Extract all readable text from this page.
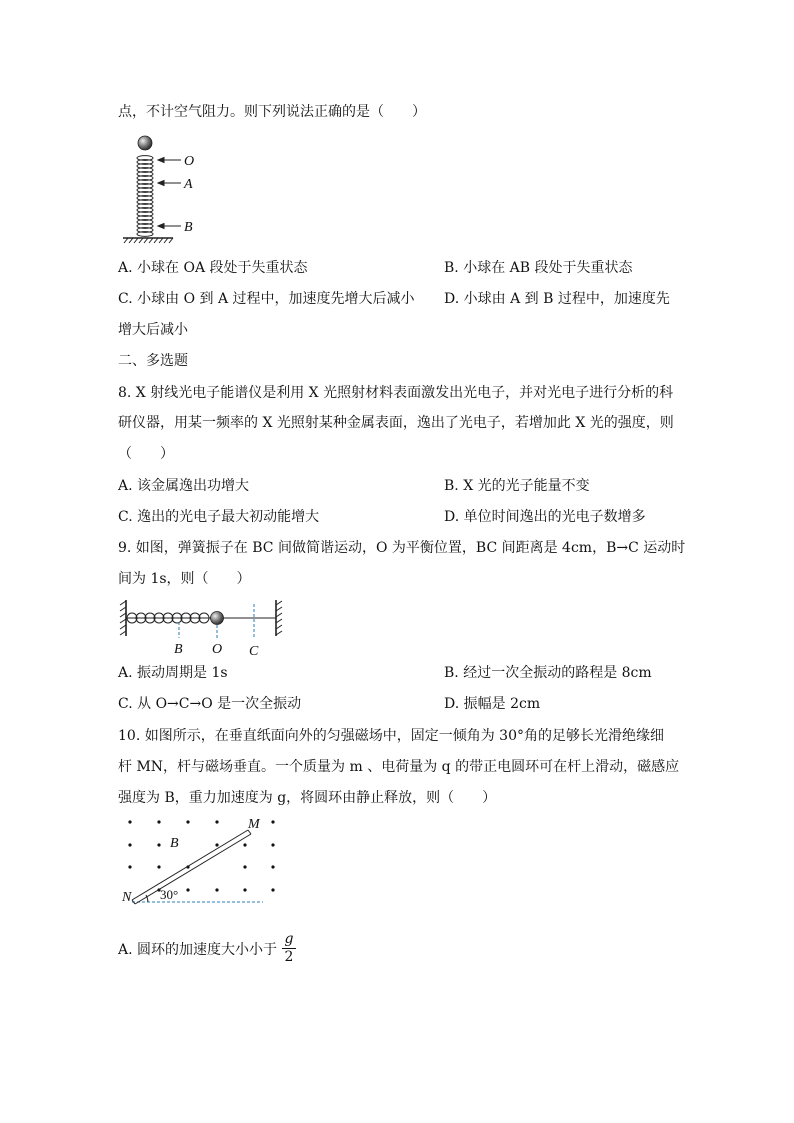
点，不计空气阻力。则下列说法正确的是（　　）
O
A
B
A. 小球在 OA 段处于失重状态	B. 小球在 AB 段处于失重状态
C. 小球由 O 到 A 过程中，加速度先增大后减小 D. 小球由 A 到 B 过程中，加速度先
增大后减小
二、多选题
8. X 射线光电子能谱仪是利用 X 光照射材料表面激发出光电子，并对光电子进行分析的科
研仪器，用某一频率的 X 光照射某种金属表面，逸出了光电子，若增加此 X 光的强度，则
（　　）
A. 该金属逸出功增大	B. X 光的光子能量不变
C. 逸出的光电子最大初动能增大	D. 单位时间逸出的光电子数增多
9. 如图，弹簧振子在 BC 间做简谐运动，O 为平衡位置，BC 间距离是 4cm，B→C 运动时
间为 1s，则（　　）
B O C
A. 振动周期是 1s	B. 经过一次全振动的路程是 8cm
C. 从 O→C→O 是一次全振动	D. 振幅是 2cm
10. 如图所示，在垂直纸面向外的匀强磁场中，固定一倾角为 30°角的足够长光滑绝缘细
杆 MN，杆与磁场垂直。一个质量为 m 、电荷量为 q 的带正电圆环可在杆上滑动，磁感应
强度为 B，重力加速度为 g，将圆环由静止释放，则（　　）
M
N
B
30°
A. 圆环的加速度大小小于
g
2
